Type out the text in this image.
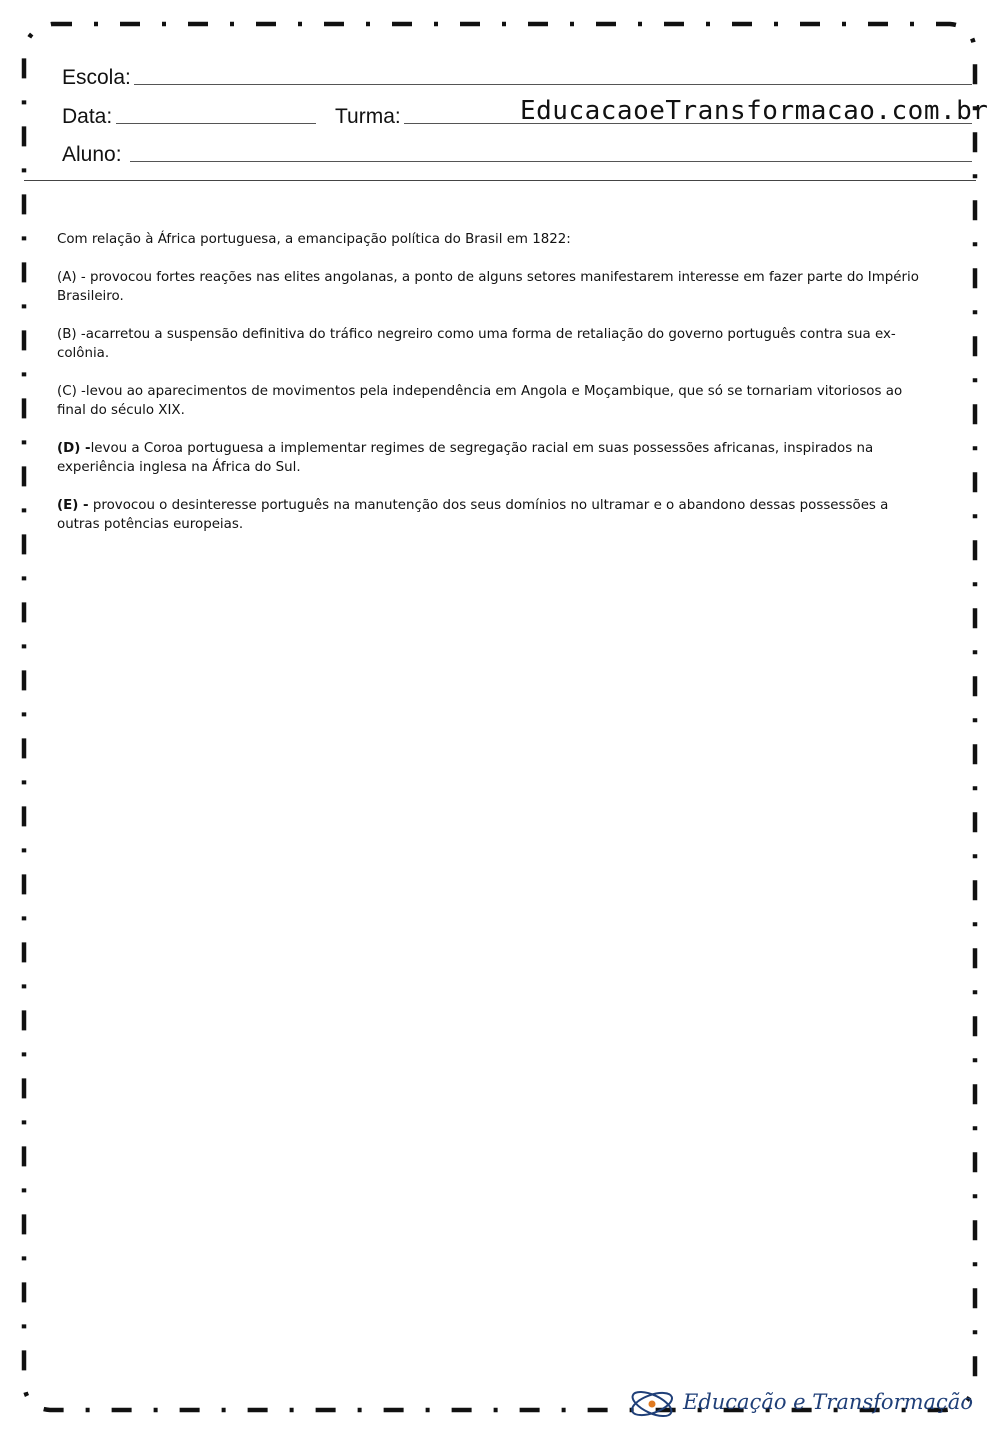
Escola:
Data:	Turma:	EducacaoeTransformacao.com.br
Aluno:

Com relação à África portuguesa, a emancipação política do Brasil em 1822:

(A) - provocou fortes reações nas elites angolanas, a ponto de alguns setores manifestarem interesse em fazer parte do Império Brasileiro.

(B) -acarretou a suspensão definitiva do tráfico negreiro como uma forma de retaliação do governo português contra sua ex-colônia.

(C) -levou ao aparecimentos de movimentos pela independência em Angola e Moçambique, que só se tornariam vitoriosos ao final do século XIX.

(D) -levou a Coroa portuguesa a implementar regimes de segregação racial em suas possessões africanas, inspirados na experiência inglesa na África do Sul.

(E) - provocou o desinteresse português na manutenção dos seus domínios no ultramar e o abandono dessas possessões a outras potências europeias.

Educação e Transformação
